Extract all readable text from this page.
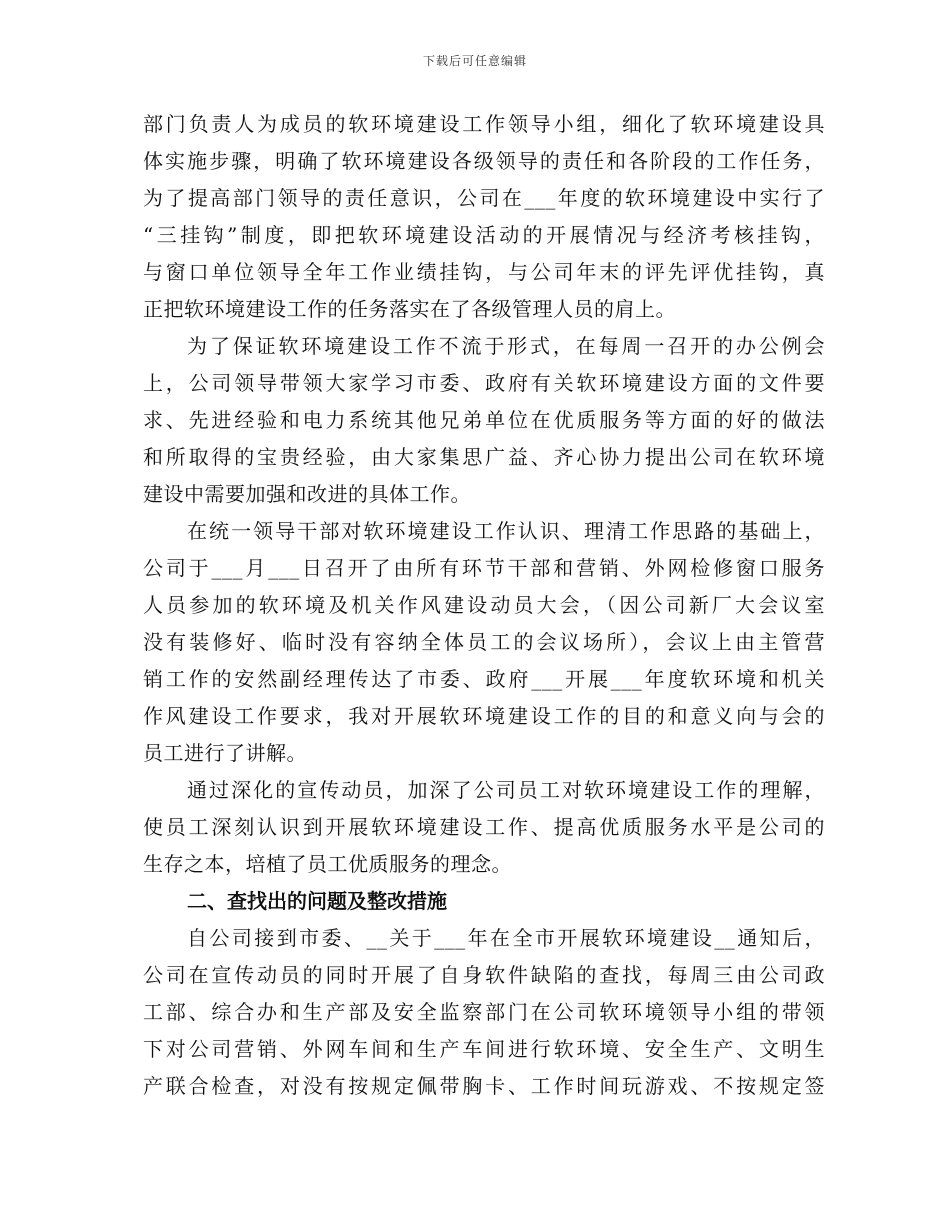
下载后可任意编辑
部门负责人为成员的软环境建设工作领导小组，细化了软环境建设具
体实施步骤，明确了软环境建设各级领导的责任和各阶段的工作任务，
为了提高部门领导的责任意识，公司在___年度的软环境建设中实行了
“三挂钩”制度，即把软环境建设活动的开展情况与经济考核挂钩，
与窗口单位领导全年工作业绩挂钩，与公司年末的评先评优挂钩，真
正把软环境建设工作的任务落实在了各级管理人员的肩上。
为了保证软环境建设工作不流于形式，在每周一召开的办公例会
上，公司领导带领大家学习市委、政府有关软环境建设方面的文件要
求、先进经验和电力系统其他兄弟单位在优质服务等方面的好的做法
和所取得的宝贵经验，由大家集思广益、齐心协力提出公司在软环境
建设中需要加强和改进的具体工作。
在统一领导干部对软环境建设工作认识、理清工作思路的基础上，
公司于___月___日召开了由所有环节干部和营销、外网检修窗口服务
人员参加的软环境及机关作风建设动员大会，（因公司新厂大会议室
没有装修好、临时没有容纳全体员工的会议场所），会议上由主管营
销工作的安然副经理传达了市委、政府___开展___年度软环境和机关
作风建设工作要求，我对开展软环境建设工作的目的和意义向与会的
员工进行了讲解。
通过深化的宣传动员，加深了公司员工对软环境建设工作的理解，
使员工深刻认识到开展软环境建设工作、提高优质服务水平是公司的
生存之本，培植了员工优质服务的理念。
二、查找出的问题及整改措施
自公司接到市委、__关于___年在全市开展软环境建设__通知后，
公司在宣传动员的同时开展了自身软件缺陷的查找，每周三由公司政
工部、综合办和生产部及安全监察部门在公司软环境领导小组的带领
下对公司营销、外网车间和生产车间进行软环境、安全生产、文明生
产联合检查，对没有按规定佩带胸卡、工作时间玩游戏、不按规定签
